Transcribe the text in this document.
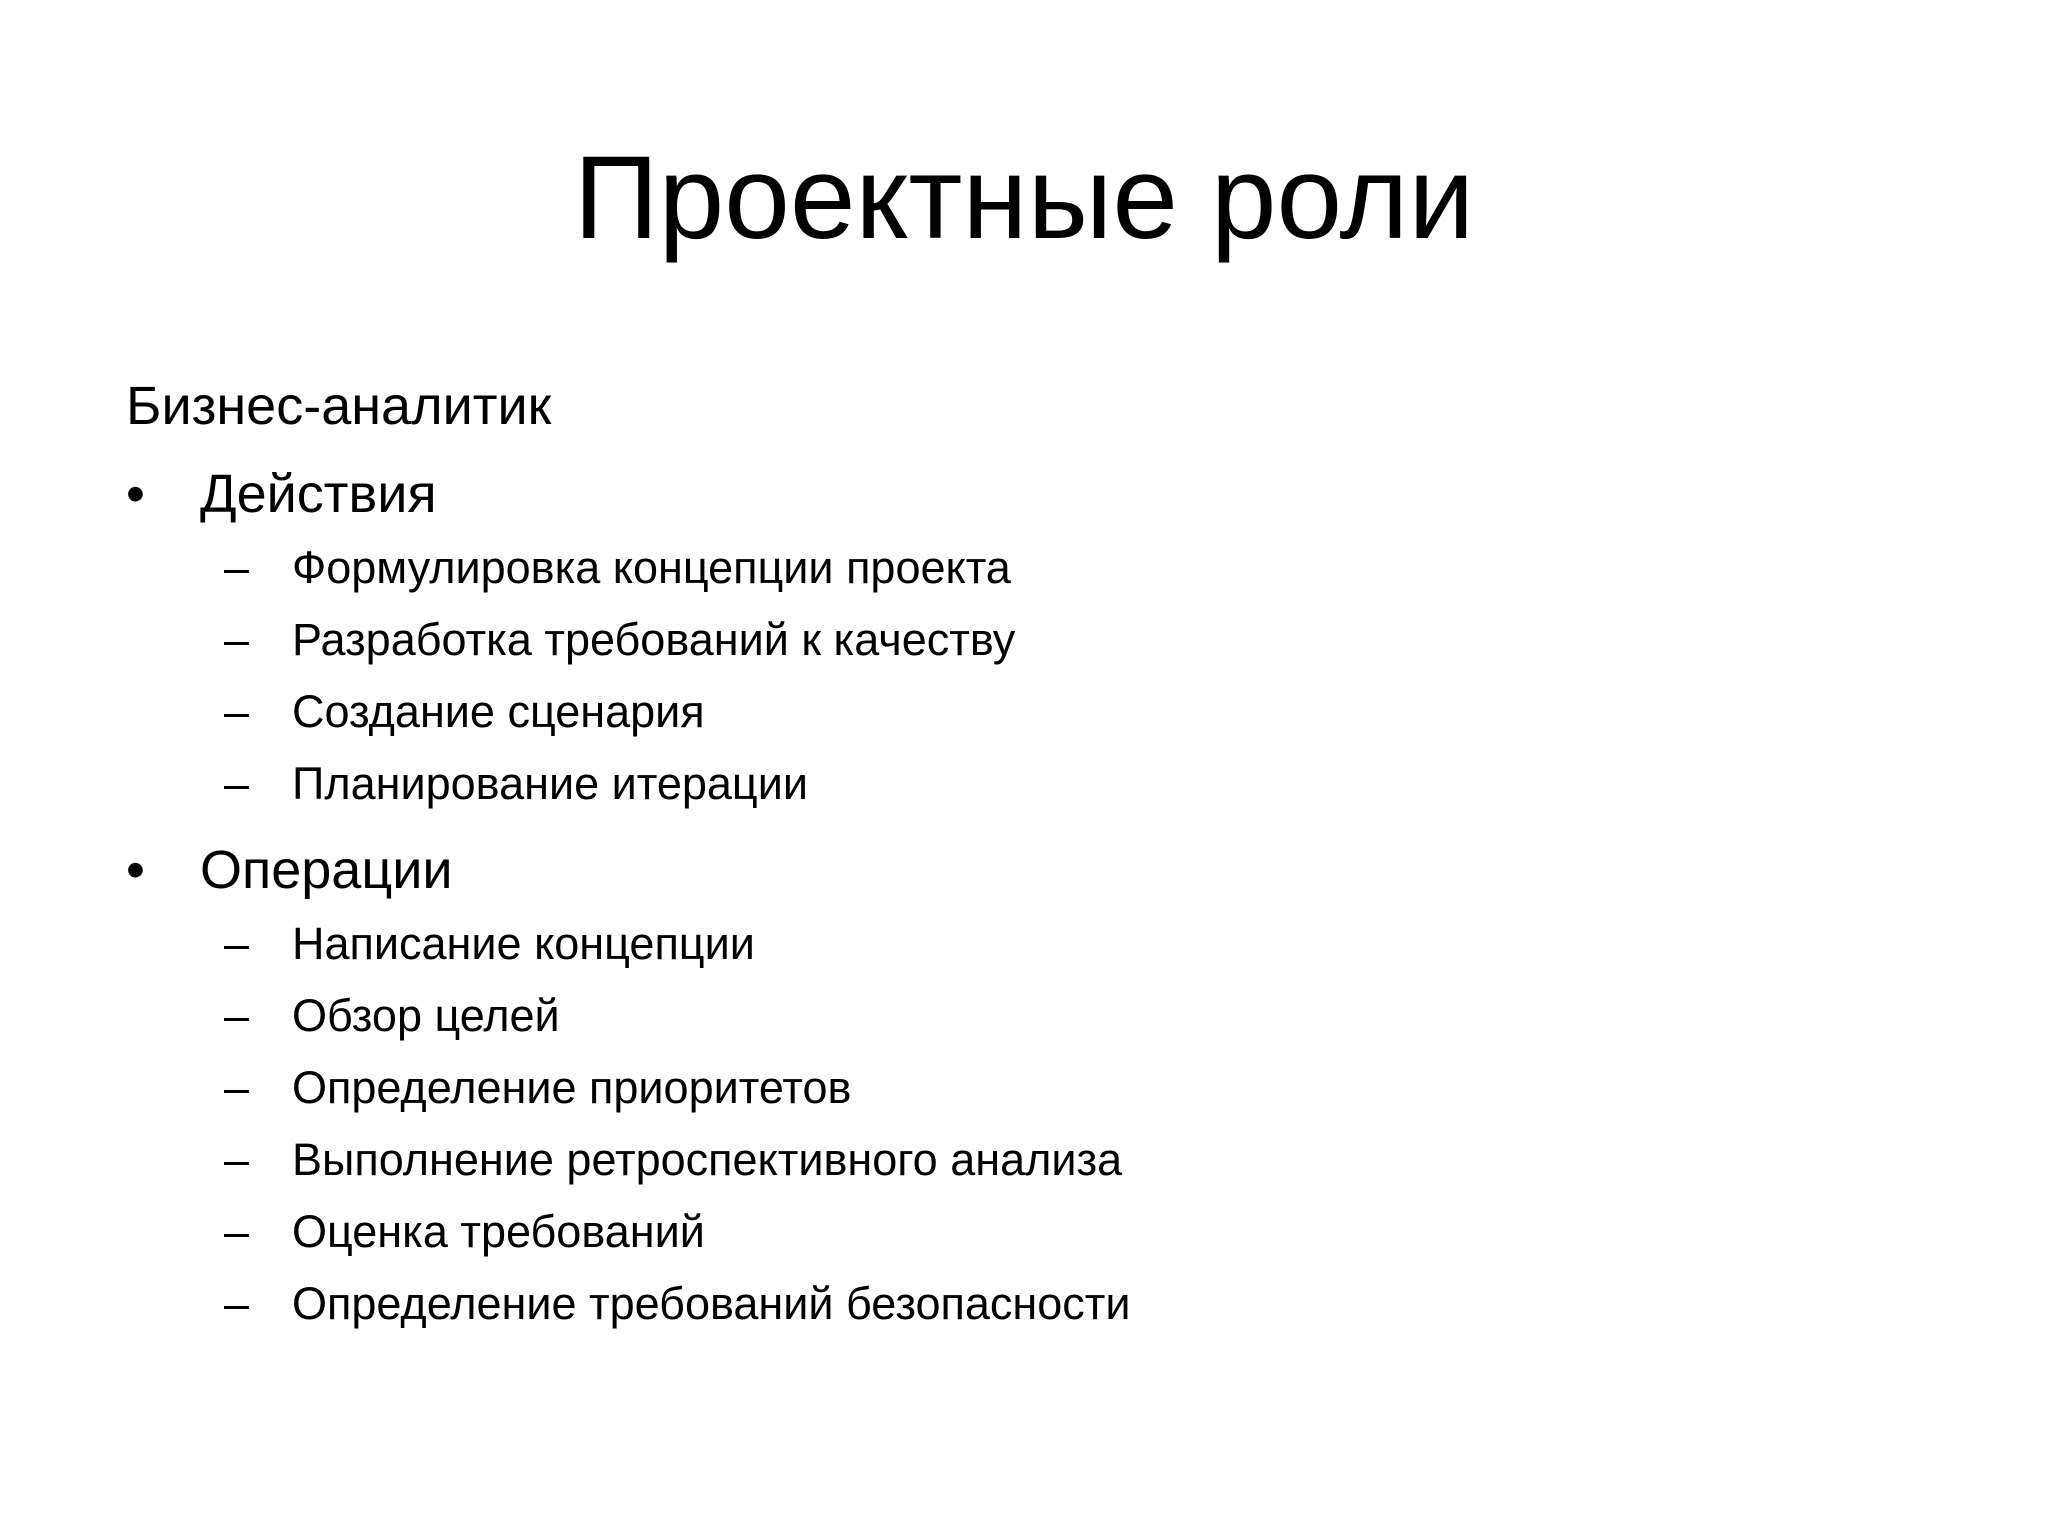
Проектные роли
Бизнес-аналитик
•	Действия
– Формулировка концепции проекта
– Разработка требований к качеству
– Создание сценария
– Планирование итерации
•	Операции
– Написание концепции
– Обзор целей
– Определение приоритетов
– Выполнение ретроспективного анализа
– Оценка требований
– Определение требований безопасности
